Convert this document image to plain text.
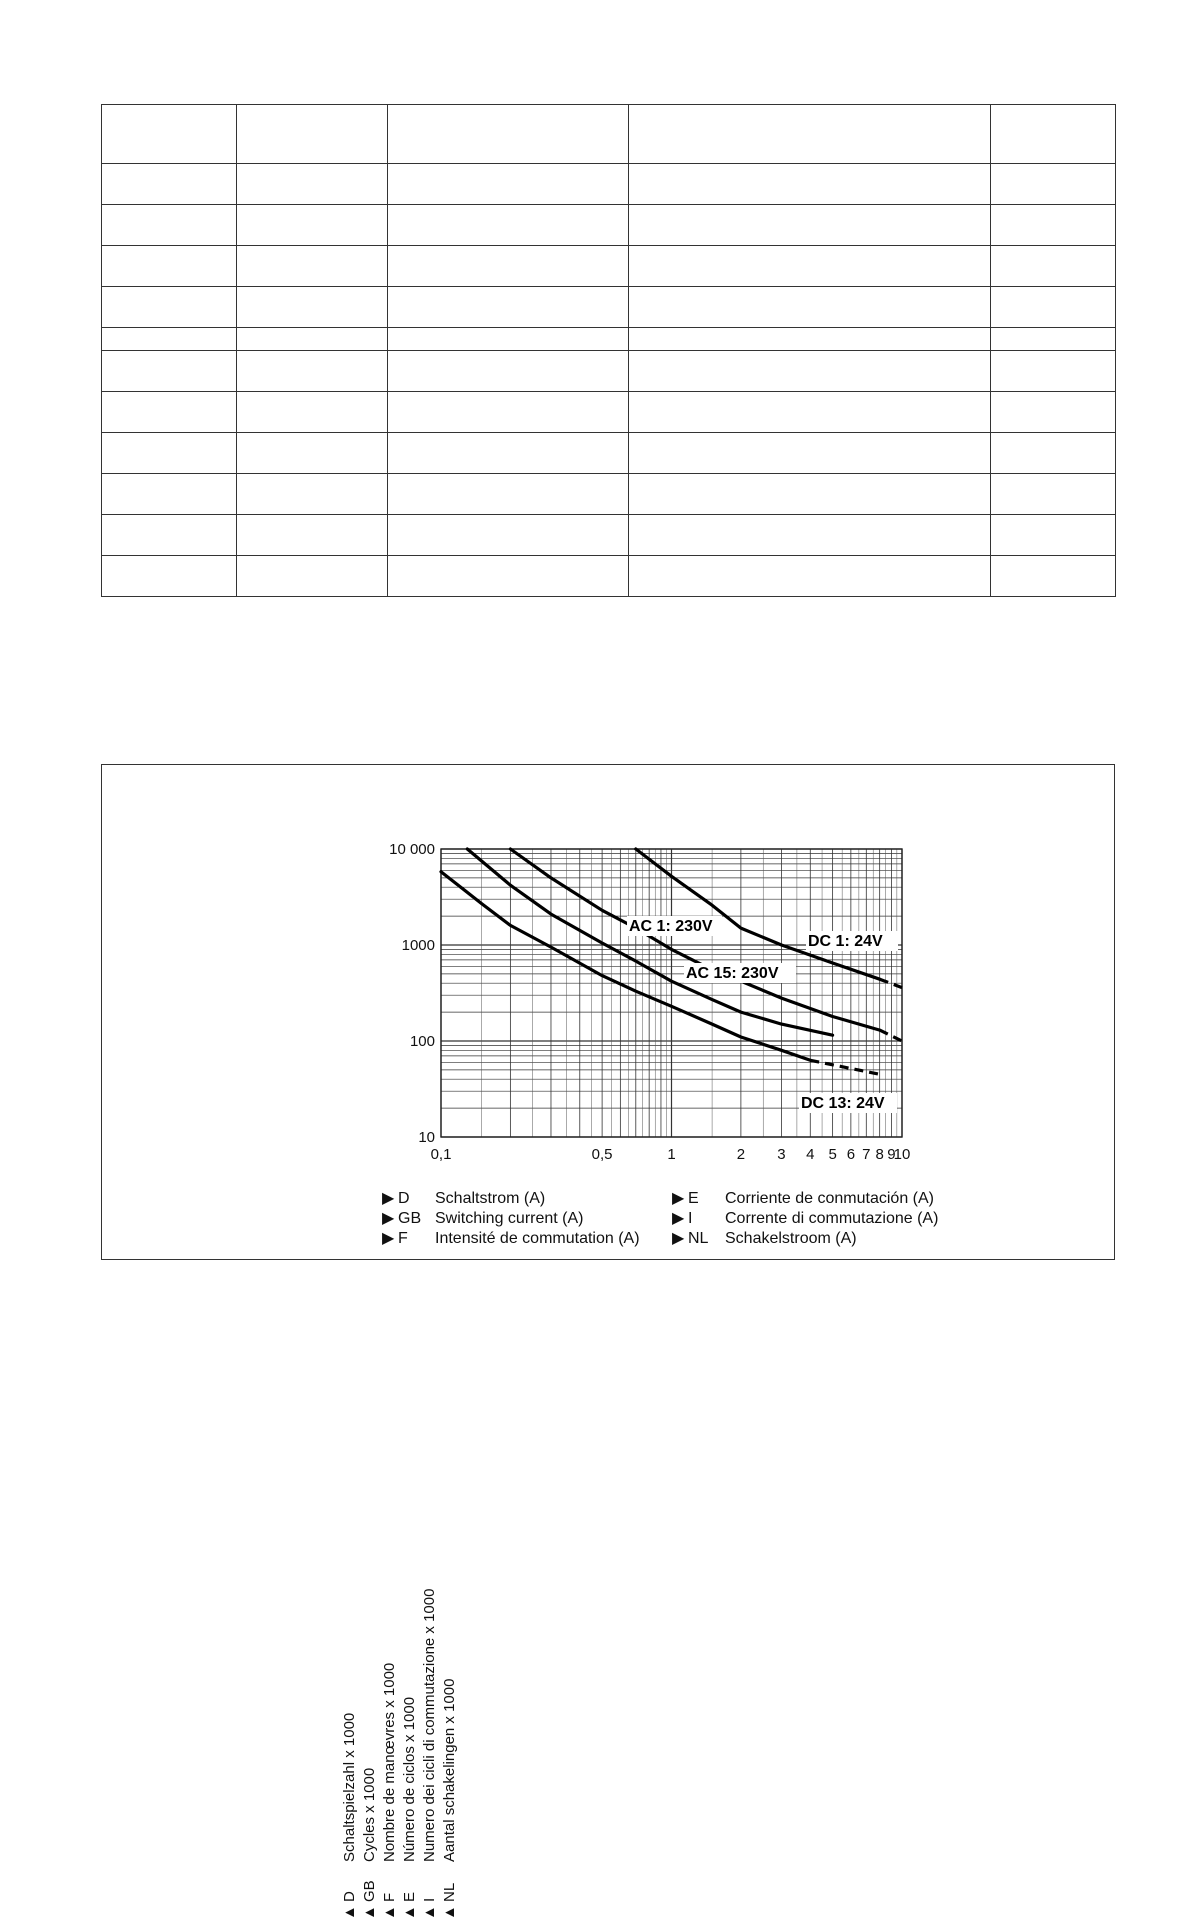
10
100
1000
10 000
0,1	0,5	1	2 3 4 5 6 7 8 9
10
AC 1: 230V
DC 1: 24V
AC 15: 230V
DC 13: 24V
▲DSchaltspielzahl x 1000
▲GBCycles x 1000
▲FNombre de manœvres x 1000
▲ENúmero de ciclos x 1000
▲INumero dei cicli di commutazione x 1000
▲NLAantal schakelingen x 1000
▶ D Schaltstrom (A)
▶ GB Switching current (A)
▶ F Intensité de commutation (A)
▶ E Corriente de conmutación (A)
▶ I Corrente di commutazione (A)
▶ NL Schakelstroom (A)
